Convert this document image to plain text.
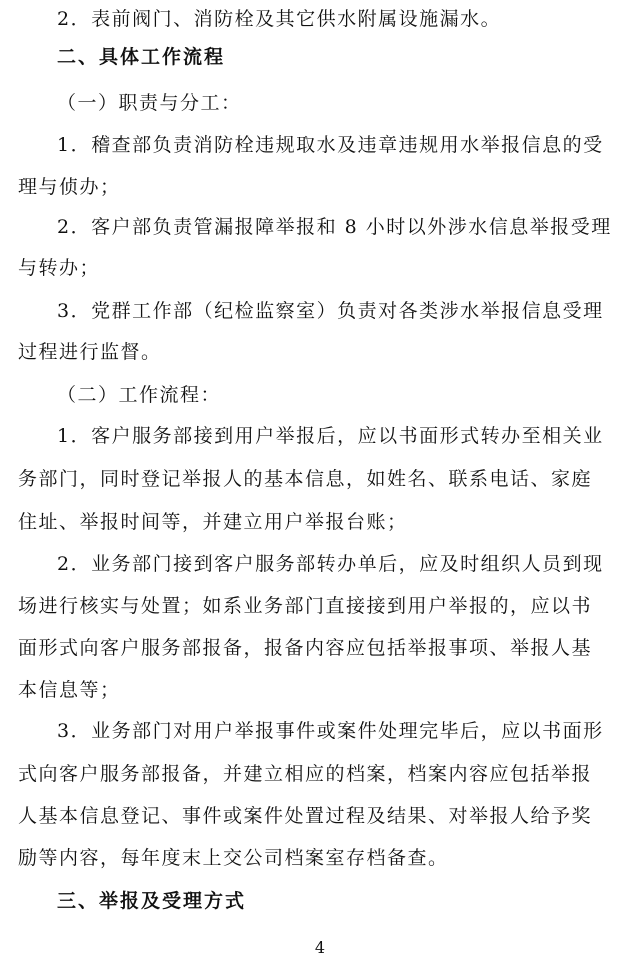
2．表前阀门、消防栓及其它供水附属设施漏水。
二、具体工作流程
（一）职责与分工：
1．稽查部负责消防栓违规取水及违章违规用水举报信息的受
理与侦办；
2．客户部负责管漏报障举报和 8 小时以外涉水信息举报受理
与转办；
3．党群工作部（纪检监察室）负责对各类涉水举报信息受理
过程进行监督。
（二）工作流程：
1．客户服务部接到用户举报后，应以书面形式转办至相关业
务部门，同时登记举报人的基本信息，如姓名、联系电话、家庭
住址、举报时间等，并建立用户举报台账；
2．业务部门接到客户服务部转办单后，应及时组织人员到现
场进行核实与处置；如系业务部门直接接到用户举报的，应以书
面形式向客户服务部报备，报备内容应包括举报事项、举报人基
本信息等；
3．业务部门对用户举报事件或案件处理完毕后，应以书面形
式向客户服务部报备，并建立相应的档案，档案内容应包括举报
人基本信息登记、事件或案件处置过程及结果、对举报人给予奖
励等内容，每年度末上交公司档案室存档备查。
三、举报及受理方式
4
